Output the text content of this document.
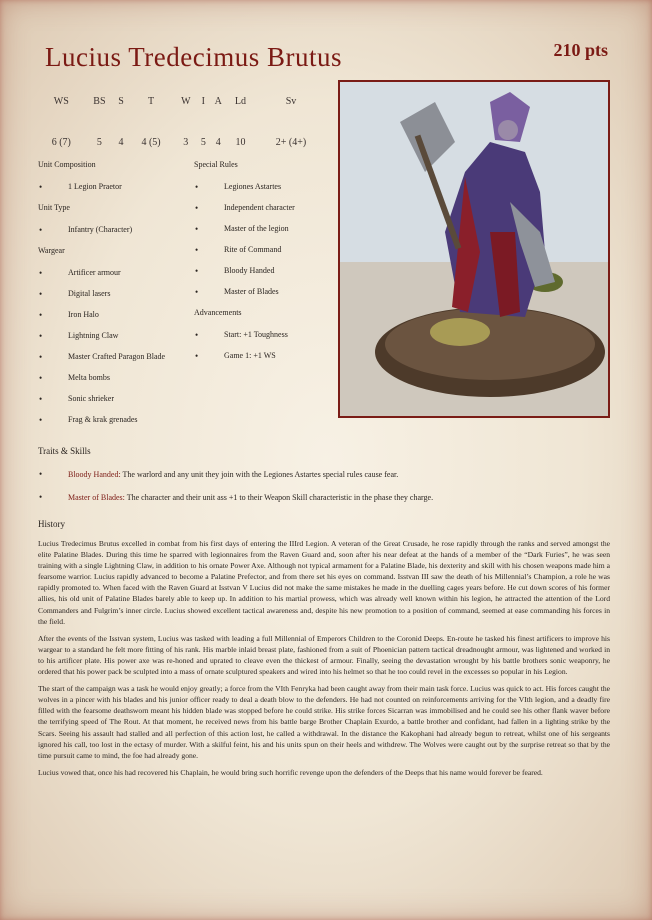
Lucius Tredecimus Brutus	210 pts
WS	BS	S	T	W	I	A	Ld	Sv
6 (7)	5	4	4 (5)	3	5	4	10	2+ (4+)
Unit Composition
• 1 Legion Praetor
Unit Type
• Infantry (Character)
Wargear
• Artificer armour
• Digital lasers
• Iron Halo
• Lightning Claw
• Master Crafted Paragon Blade
• Melta bombs
• Sonic shrieker
• Frag & krak grenades
Special Rules
• Legiones Astartes
• Independent character
• Master of the legion
• Rite of Command
• Bloody Handed
• Master of Blades
Advancements
• Start: +1 Toughness
• Game 1: +1 WS
Traits & Skills
• Bloody Handed: The warlord and any unit they join with the Legiones Astartes special rules cause fear.
• Master of Blades: The character and their unit ass +1 to their Weapon Skill characteristic in the phase they charge.
History

Lucius Tredecimus Brutus excelled in combat from his first days of entering the IIIrd Legion. A veteran of the Great Crusade, he rose rapidly through the ranks and served amongst the elite Palatine Blades. During this time he sparred with legionnaires from the Raven Guard and, soon after his near defeat at the hands of a member of the “Dark Furies”, he was seen training with a single Lightning Claw, in addition to his ornate Power Axe. Although not typical armament for a Palatine Blade, his dexterity and skill with his chosen weapons made him a fearsome warrior. Lucius rapidly advanced to become a Palatine Prefector, and from there set his eyes on command. Isstvan III saw the death of his Millennial’s Champion, a role he was rapidly promoted to. When faced with the Raven Guard at Isstvan V Lucius did not make the same mistakes he made in the duelling cages years before. He cut down scores of his former allies, his old unit of Palatine Blades barely able to keep up. In addition to his martial prowess, which was already well known within his legion, he attracted the attention of the Lord Commanders and Fulgrim’s inner circle. Lucius showed excellent tactical awareness and, despite his new promotion to a position of command, seemed at ease commanding his forces in the field.

After the events of the Isstvan system, Lucius was tasked with leading a full Millennial of Emperors Children to the Coronid Deeps. En-route he tasked his finest artificers to improve his wargear to a standard he felt more fitting of his rank. His marble inlaid breast plate, fashioned from a suit of Phoenician pattern tactical dreadnought armour, was lightened and worked in to his artificer plate. His power axe was re-honed and uprated to cleave even the thickest of armour. Finally, seeing the devastation wrought by his battle brothers sonic weaponry, he ordered that his power pack be sculpted into a mass of ornate sculptured speakers and wired into his helmet so that he too could revel in the excesses so popular in his Legion.

The start of the campaign was a task he would enjoy greatly; a force from the VIth Fenryka had been caught away from their main task force. Lucius was quick to act. His forces caught the wolves in a pincer with his blades and his junior officer ready to deal a death blow to the defenders. He had not counted on reinforcements arriving for the VIth legion, and a deadly fire filled with the fearsome deathsworn meant his hidden blade was stopped before he could strike. His strike forces Sicarran was immobilised and he could see his other flank waver before the terrifying speed of The Rout. At that moment, he received news from his battle barge Brother Chaplain Exurdo, a battle brother and confidant, had fallen in a lighting strike by the Scars. Seeing his assault had stalled and all perfection of this action lost, he called a withdrawal. In the distance the Kakophani had already begun to retreat, whilst one of his sergeants ignored his call, too lost in the ectasy of murder. With a skilful feint, his and his units spun on their heels and withdrew. The Wolves were caught out by the surprise retreat so that by the time pursuit came to mind, the foe had already gone.

Lucius vowed that, once his had recovered his Chaplain, he would bring such horrific revenge upon the defenders of the Deeps that his name would forever be feared.
